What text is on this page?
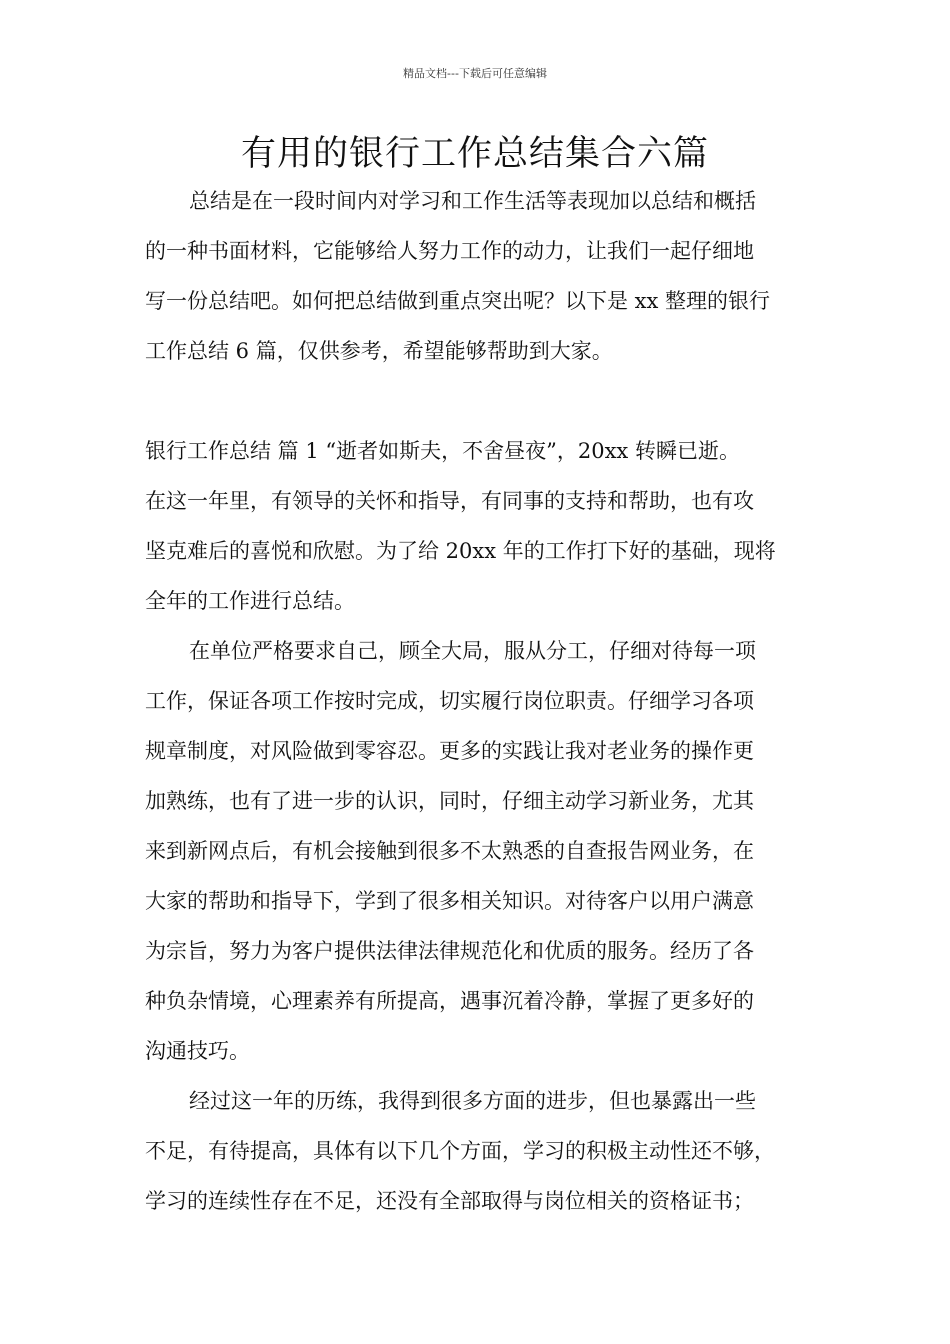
精品文档---下载后可任意编辑
有用的银行工作总结集合六篇
总结是在一段时间内对学习和工作生活等表现加以总结和概括
的一种书面材料，它能够给人努力工作的动力，让我们一起仔细地
写一份总结吧。如何把总结做到重点突出呢？以下是 xx 整理的银行
工作总结 6 篇，仅供参考，希望能够帮助到大家。
银行工作总结 篇 1 “逝者如斯夫，不舍昼夜”，20xx 转瞬已逝。
在这一年里，有领导的关怀和指导，有同事的支持和帮助，也有攻
坚克难后的喜悦和欣慰。为了给 20xx 年的工作打下好的基础，现将
全年的工作进行总结。
在单位严格要求自己，顾全大局，服从分工，仔细对待每一项
工作，保证各项工作按时完成，切实履行岗位职责。仔细学习各项
规章制度，对风险做到零容忍。更多的实践让我对老业务的操作更
加熟练，也有了进一步的认识，同时，仔细主动学习新业务，尤其
来到新网点后，有机会接触到很多不太熟悉的自查报告网业务，在
大家的帮助和指导下，学到了很多相关知识。对待客户以用户满意
为宗旨，努力为客户提供法律法律规范化和优质的服务。经历了各
种负杂情境，心理素养有所提高，遇事沉着冷静，掌握了更多好的
沟通技巧。
经过这一年的历练，我得到很多方面的进步，但也暴露出一些
不足，有待提高，具体有以下几个方面，学习的积极主动性还不够，
学习的连续性存在不足，还没有全部取得与岗位相关的资格证书；
